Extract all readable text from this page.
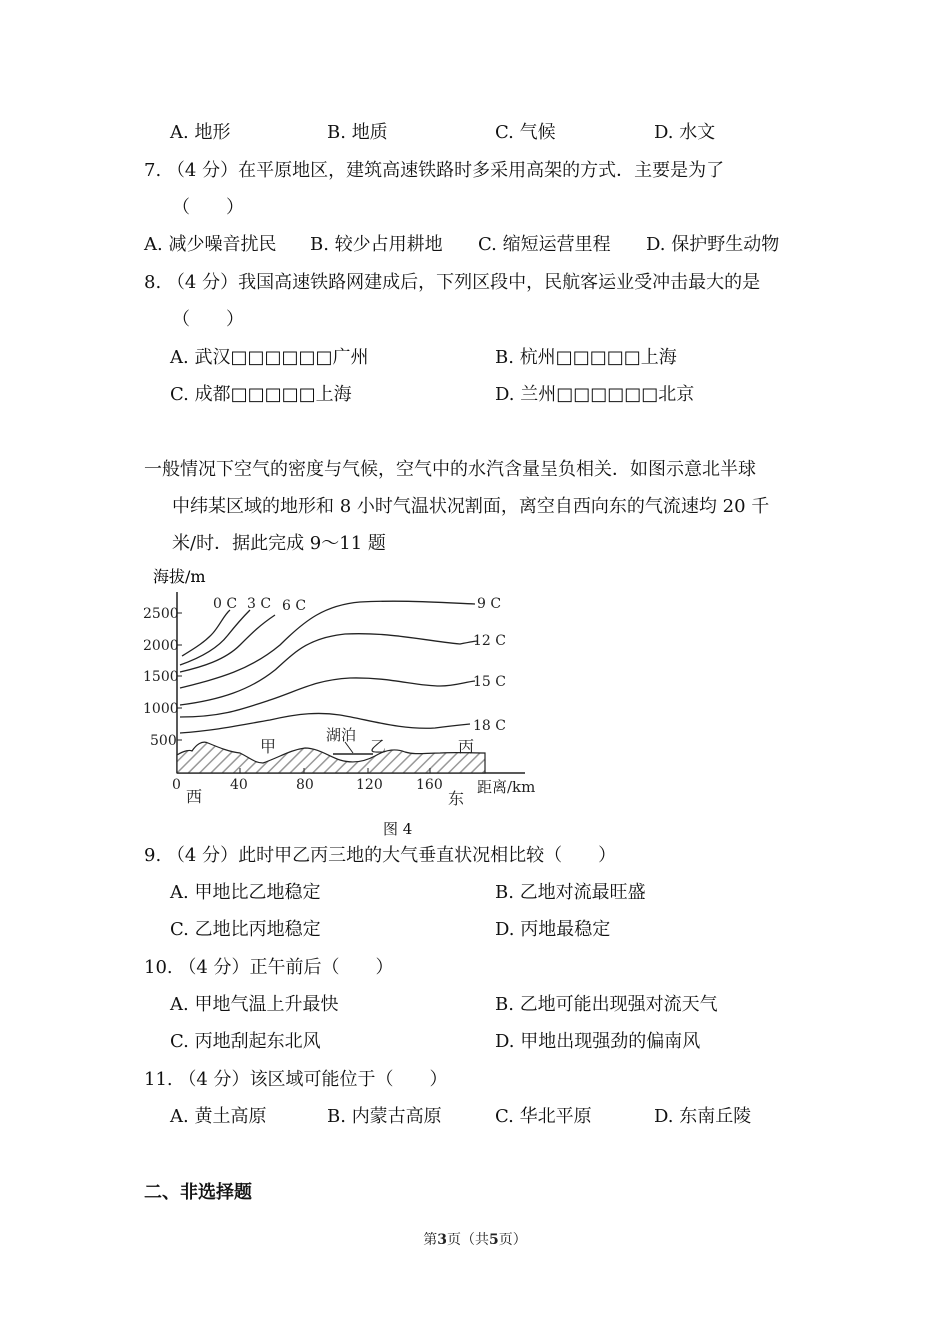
A. 地形	B. 地质	C. 气候	D. 水文
7. （4 分）在平原地区，建筑高速铁路时多采用高架的方式．主要是为了
（　　）
A. 减少噪音扰民 B. 较少占用耕地 C. 缩短运营里程 D. 保护野生动物
8. （4 分）我国高速铁路网建成后，下列区段中，民航客运业受冲击最大的是
（　　）
A. 武汉□□□□□□广州	B. 杭州□□□□□上海
C. 成都□□□□□上海	D. 兰州□□□□□□北京
一般情况下空气的密度与气候，空气中的水汽含量呈负相关．如图示意北半球
中纬某区域的地形和 8 小时气温状况割面，离空自西向东的气流速均 20 千
米/时．据此完成 9～11 题
海拔/m
2500
2000
1500
1000
500
0 C 3 C 6 C	9 C
12 C
15 C
18 C
甲
湖泊
乙	丙
0	40	80	120 160 距离/km
西	东
图 4
9. （4 分）此时甲乙丙三地的大气垂直状况相比较（　　）
A. 甲地比乙地稳定	B. 乙地对流最旺盛
C. 乙地比丙地稳定	D. 丙地最稳定
10. （4 分）正午前后（　　）
A. 甲地气温上升最快	B. 乙地可能出现强对流天气
C. 丙地刮起东北风	D. 甲地出现强劲的偏南风
11. （4 分）该区域可能位于（　　）
A. 黄土高原	B. 内蒙古高原	C. 华北平原	D. 东南丘陵
二、非选择题
第3页（共5页）
